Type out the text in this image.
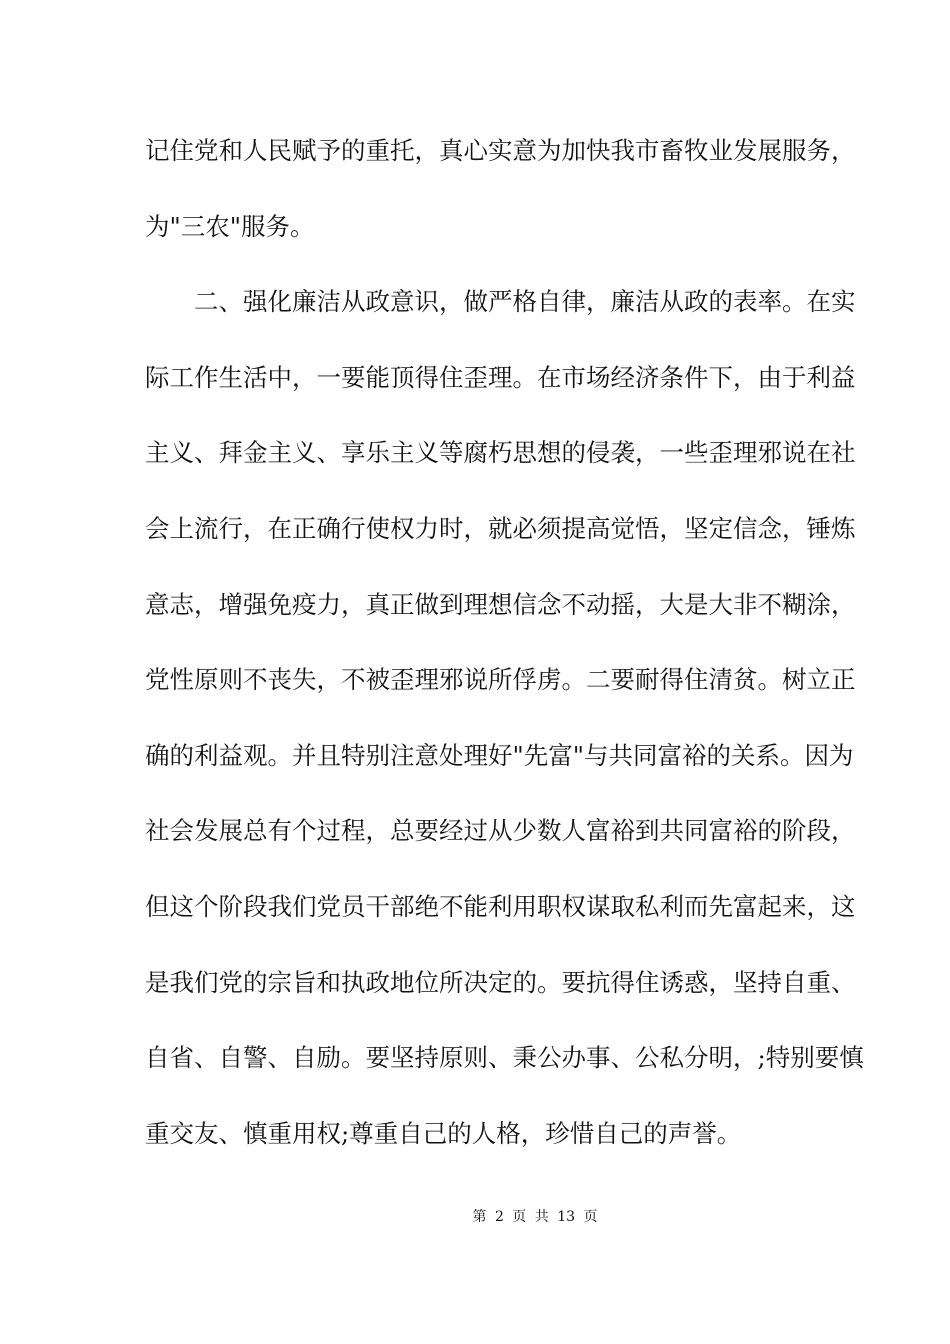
记住党和人民赋予的重托，真心实意为加快我市畜牧业发展服务，
为"三农"服务。
　　二、强化廉洁从政意识，做严格自律，廉洁从政的表率。在实
际工作生活中，一要能顶得住歪理。在市场经济条件下，由于利益
主义、拜金主义、享乐主义等腐朽思想的侵袭，一些歪理邪说在社
会上流行，在正确行使权力时，就必须提高觉悟，坚定信念，锤炼
意志，增强免疫力，真正做到理想信念不动摇，大是大非不糊涂，
党性原则不丧失，不被歪理邪说所俘虏。二要耐得住清贫。树立正
确的利益观。并且特别注意处理好"先富"与共同富裕的关系。因为
社会发展总有个过程，总要经过从少数人富裕到共同富裕的阶段，
但这个阶段我们党员干部绝不能利用职权谋取私利而先富起来，这
是我们党的宗旨和执政地位所决定的。要抗得住诱惑，坚持自重、
自省、自警、自励。要坚持原则、秉公办事、公私分明，;特别要慎
重交友、慎重用权;尊重自己的人格，珍惜自己的声誉。
第 2 页 共 13 页
